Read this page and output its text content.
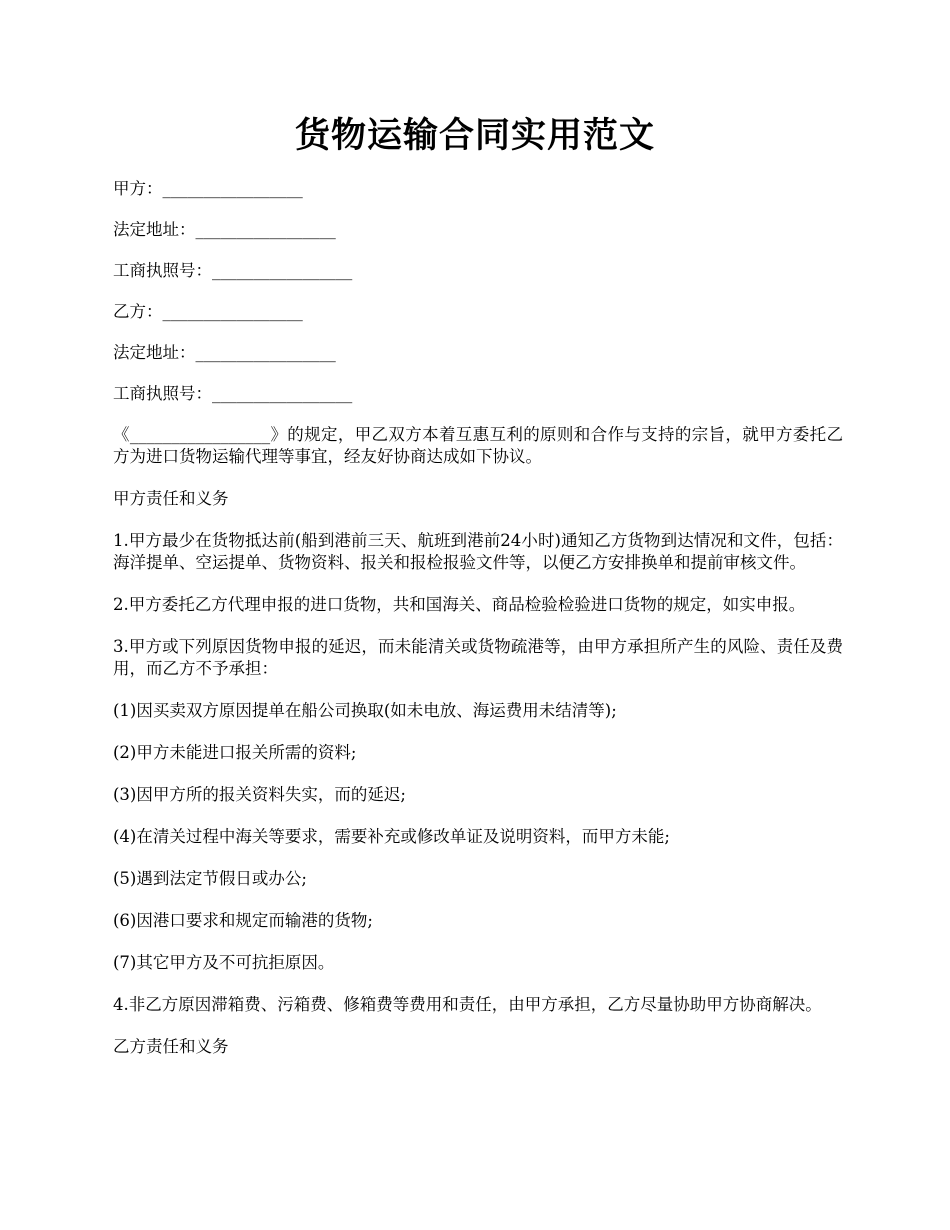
货物运输合同实用范文

甲方：_________________

法定地址：_________________

工商执照号：_________________

乙方：_________________

法定地址：_________________

工商执照号：_________________

《_________________》的规定，甲乙双方本着互惠互利的原则和合作与支持的宗旨，就甲方委托乙方为进口货物运输代理等事宜，经友好协商达成如下协议。

甲方责任和义务

1.甲方最少在货物抵达前(船到港前三天、航班到港前24小时)通知乙方货物到达情况和文件，包括：海洋提单、空运提单、货物资料、报关和报检报验文件等，以便乙方安排换单和提前审核文件。

2.甲方委托乙方代理申报的进口货物，共和国海关、商品检验检验进口货物的规定，如实申报。

3.甲方或下列原因货物申报的延迟，而未能清关或货物疏港等，由甲方承担所产生的风险、责任及费用，而乙方不予承担：

(1)因买卖双方原因提单在船公司换取(如未电放、海运费用未结清等);

(2)甲方未能进口报关所需的资料;

(3)因甲方所的报关资料失实，而的延迟;

(4)在清关过程中海关等要求，需要补充或修改单证及说明资料，而甲方未能;

(5)遇到法定节假日或办公;

(6)因港口要求和规定而输港的货物;

(7)其它甲方及不可抗拒原因。

4.非乙方原因滞箱费、污箱费、修箱费等费用和责任，由甲方承担，乙方尽量协助甲方协商解决。

乙方责任和义务
